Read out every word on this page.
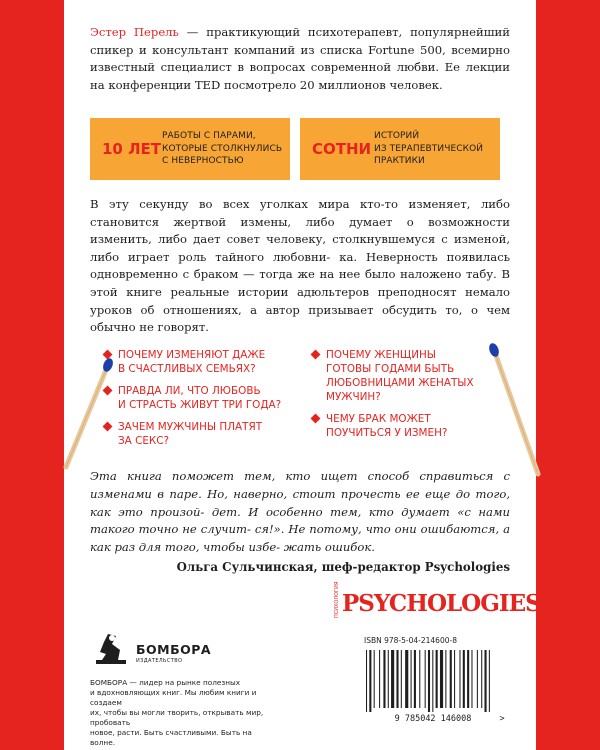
Эстер Перель — практикующий психотерапевт, популярнейший спикер и консультант компаний из списка Fortune 500, всемирно известный специалист в вопросах современной любви. Ее лекции на конференции TED посмотрело 20 миллионов человек.
10 ЛЕТ
РАБОТЫ С ПАРАМИ,
КОТОРЫЕ СТОЛКНУЛИСЬ
С НЕВЕРНОСТЬЮ
СОТНИ
ИСТОРИЙ
ИЗ ТЕРАПЕВТИЧЕСКОЙ
ПРАКТИКИ
В эту секунду во всех уголках мира кто-то изменяет, либо становится жертвой измены, либо думает о возможности изменить, либо дает совет человеку, столкнувшемуся с изменой, либо играет роль тайного любовни- ка. Неверность появилась одновременно с браком — тогда же на нее было наложено табу. В этой книге реальные истории адюльтеров преподносят немало уроков об отношениях, а автор призывает обсудить то, о чем обычно не говорят.
ПОЧЕМУ ИЗМЕНЯЮТ ДАЖЕ
В СЧАСТЛИВЫХ СЕМЬЯХ?
ПРАВДА ЛИ, ЧТО ЛЮБОВЬ
И СТРАСТЬ ЖИВУТ ТРИ ГОДА?
ЗАЧЕМ МУЖЧИНЫ ПЛАТЯТ
ЗА СЕКС?
ПОЧЕМУ ЖЕНЩИНЫ
ГОТОВЫ ГОДАМИ БЫТЬ
ЛЮБОВНИЦАМИ ЖЕНАТЫХ
МУЖЧИН?
ЧЕМУ БРАК МОЖЕТ
ПОУЧИТЬСЯ У ИЗМЕН?
Эта книга поможет тем, кто ищет способ справиться с изменами в паре. Но, наверно, стоит прочесть ее еще до того, как это произой- дет. И особенно тем, кто думает «с нами такого точно не случит- ся!». Не потому, что они ошибаются, а как раз для того, чтобы избе- жать ошибок.
Ольга Сульчинская, шеф-редактор Psychologies
ПСИХОЛОГИЯ PSYCHOLOGIES
БОМБОРА
ИЗДАТЕЛЬСТВО
БОМБОРА — лидер на рынке полезных
и вдохновляющих книг. Мы любим книги и создаем
их, чтобы вы могли творить, открывать мир, пробовать
новое, расти. Быть счастливыми. Быть на волне.
ISBN 978-5-04-214600-8
9 785042 146008	>
